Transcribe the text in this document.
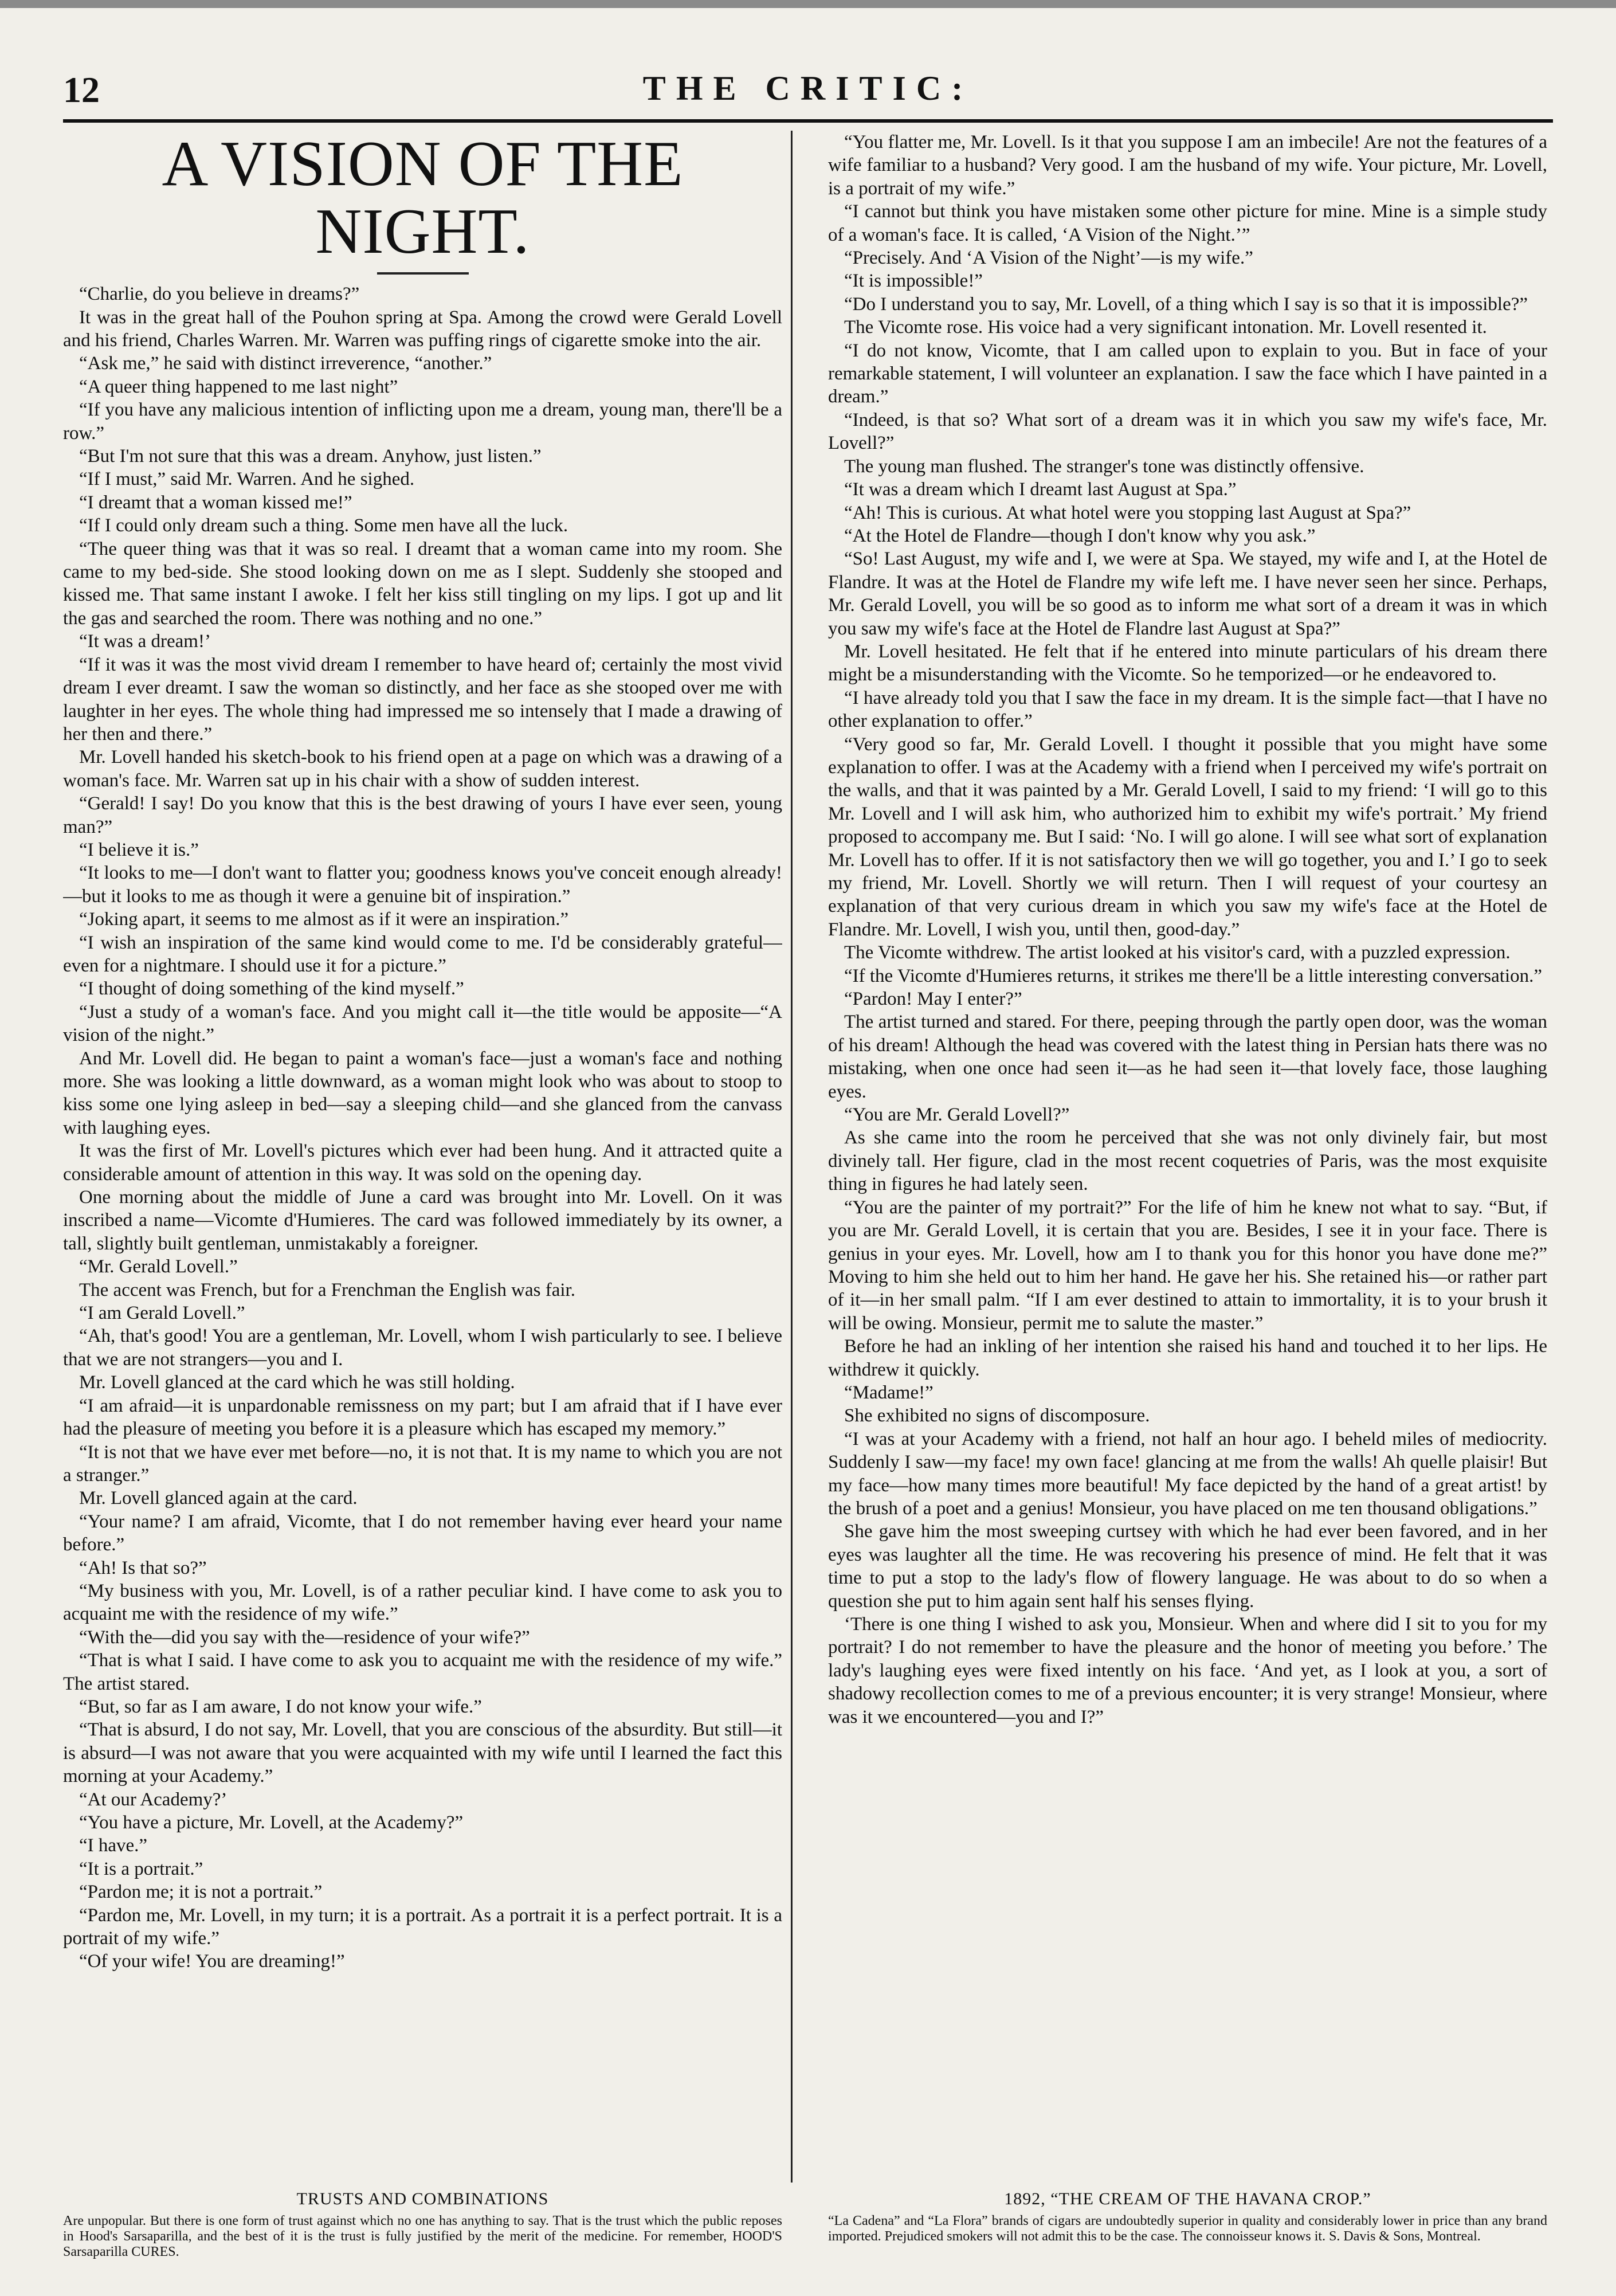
12	THE CRITIC:
A VISION OF THE NIGHT.

“Charlie, do you believe in dreams?”

It was in the great hall of the Pouhon spring at Spa. Among the crowd were Gerald Lovell and his friend, Charles Warren. Mr. Warren was puffing rings of cigarette smoke into the air.

“Ask me,” he said with distinct irreverence, “another.”

“A queer thing happened to me last night”

“If you have any malicious intention of inflicting upon me a dream, young man, there'll be a row.”

“But I'm not sure that this was a dream. Anyhow, just listen.”

“If I must,” said Mr. Warren. And he sighed.

“I dreamt that a woman kissed me!”

“If I could only dream such a thing. Some men have all the luck.

“The queer thing was that it was so real. I dreamt that a woman came into my room. She came to my bed-side. She stood looking down on me as I slept. Suddenly she stooped and kissed me. That same instant I awoke. I felt her kiss still tingling on my lips. I got up and lit the gas and searched the room. There was nothing and no one.”

“It was a dream!’

“If it was it was the most vivid dream I remember to have heard of; certainly the most vivid dream I ever dreamt. I saw the woman so distinctly, and her face as she stooped over me with laughter in her eyes. The whole thing had impressed me so intensely that I made a drawing of her then and there.”

Mr. Lovell handed his sketch-book to his friend open at a page on which was a drawing of a woman's face. Mr. Warren sat up in his chair with a show of sudden interest.

“Gerald! I say! Do you know that this is the best drawing of yours I have ever seen, young man?”

“I believe it is.”

“It looks to me—I don't want to flatter you; goodness knows you've conceit enough already!—but it looks to me as though it were a genuine bit of inspiration.”

“Joking apart, it seems to me almost as if it were an inspiration.”

“I wish an inspiration of the same kind would come to me. I'd be considerably grateful—even for a nightmare. I should use it for a picture.”

“I thought of doing something of the kind myself.”

“Just a study of a woman's face. And you might call it—the title would be apposite—“A vision of the night.”

And Mr. Lovell did. He began to paint a woman's face—just a woman's face and nothing more. She was looking a little downward, as a woman might look who was about to stoop to kiss some one lying asleep in bed—say a sleeping child—and she glanced from the canvass with laughing eyes.

It was the first of Mr. Lovell's pictures which ever had been hung. And it attracted quite a considerable amount of attention in this way. It was sold on the opening day.

One morning about the middle of June a card was brought into Mr. Lovell. On it was inscribed a name—Vicomte d'Humieres. The card was followed immediately by its owner, a tall, slightly built gentleman, unmistakably a foreigner.

“Mr. Gerald Lovell.”

The accent was French, but for a Frenchman the English was fair.

“I am Gerald Lovell.”

“Ah, that's good! You are a gentleman, Mr. Lovell, whom I wish particularly to see. I believe that we are not strangers—you and I.

Mr. Lovell glanced at the card which he was still holding.

“I am afraid—it is unpardonable remissness on my part; but I am afraid that if I have ever had the pleasure of meeting you before it is a pleasure which has escaped my memory.”

“It is not that we have ever met before—no, it is not that. It is my name to which you are not a stranger.”

Mr. Lovell glanced again at the card.

“Your name? I am afraid, Vicomte, that I do not remember having ever heard your name before.”

“Ah! Is that so?”

“My business with you, Mr. Lovell, is of a rather peculiar kind. I have come to ask you to acquaint me with the residence of my wife.”

“With the—did you say with the—residence of your wife?”

“That is what I said. I have come to ask you to acquaint me with the residence of my wife.” The artist stared.

“But, so far as I am aware, I do not know your wife.”

“That is absurd, I do not say, Mr. Lovell, that you are conscious of the absurdity. But still—it is absurd—I was not aware that you were acquainted with my wife until I learned the fact this morning at your Academy.”

“At our Academy?’

“You have a picture, Mr. Lovell, at the Academy?”

“I have.”

“It is a portrait.”

“Pardon me; it is not a portrait.”

“Pardon me, Mr. Lovell, in my turn; it is a portrait. As a portrait it is a perfect portrait. It is a portrait of my wife.”

“Of your wife! You are dreaming!”

“You flatter me, Mr. Lovell. Is it that you suppose I am an imbecile! Are not the features of a wife familiar to a husband? Very good. I am the husband of my wife. Your picture, Mr. Lovell, is a portrait of my wife.”

“I cannot but think you have mistaken some other picture for mine. Mine is a simple study of a woman's face. It is called, ‘A Vision of the Night.’”

“Precisely. And ‘A Vision of the Night’—is my wife.”

“It is impossible!”

“Do I understand you to say, Mr. Lovell, of a thing which I say is so that it is impossible?”

The Vicomte rose. His voice had a very significant intonation. Mr. Lovell resented it.

“I do not know, Vicomte, that I am called upon to explain to you. But in face of your remarkable statement, I will volunteer an explanation. I saw the face which I have painted in a dream.”

“Indeed, is that so? What sort of a dream was it in which you saw my wife's face, Mr. Lovell?”

The young man flushed. The stranger's tone was distinctly offensive.

“It was a dream which I dreamt last August at Spa.”

“Ah! This is curious. At what hotel were you stopping last August at Spa?”

“At the Hotel de Flandre—though I don't know why you ask.”

“So! Last August, my wife and I, we were at Spa. We stayed, my wife and I, at the Hotel de Flandre. It was at the Hotel de Flandre my wife left me. I have never seen her since. Perhaps, Mr. Gerald Lovell, you will be so good as to inform me what sort of a dream it was in which you saw my wife's face at the Hotel de Flandre last August at Spa?”

Mr. Lovell hesitated. He felt that if he entered into minute particulars of his dream there might be a misunderstanding with the Vicomte. So he temporized—or he endeavored to.

“I have already told you that I saw the face in my dream. It is the simple fact—that I have no other explanation to offer.”

“Very good so far, Mr. Gerald Lovell. I thought it possible that you might have some explanation to offer. I was at the Academy with a friend when I perceived my wife's portrait on the walls, and that it was painted by a Mr. Gerald Lovell, I said to my friend: ‘I will go to this Mr. Lovell and I will ask him, who authorized him to exhibit my wife's portrait.’ My friend proposed to accompany me. But I said: ‘No. I will go alone. I will see what sort of explanation Mr. Lovell has to offer. If it is not satisfactory then we will go together, you and I.’ I go to seek my friend, Mr. Lovell. Shortly we will return. Then I will request of your courtesy an explanation of that very curious dream in which you saw my wife's face at the Hotel de Flandre. Mr. Lovell, I wish you, until then, good-day.”

The Vicomte withdrew. The artist looked at his visitor's card, with a puzzled expression.

“If the Vicomte d'Humieres returns, it strikes me there'll be a little interesting conversation.”

“Pardon! May I enter?”

The artist turned and stared. For there, peeping through the partly open door, was the woman of his dream! Although the head was covered with the latest thing in Persian hats there was no mistaking, when one once had seen it—as he had seen it—that lovely face, those laughing eyes.

“You are Mr. Gerald Lovell?”

As she came into the room he perceived that she was not only divinely fair, but most divinely tall. Her figure, clad in the most recent coquetries of Paris, was the most exquisite thing in figures he had lately seen.

“You are the painter of my portrait?” For the life of him he knew not what to say. “But, if you are Mr. Gerald Lovell, it is certain that you are. Besides, I see it in your face. There is genius in your eyes. Mr. Lovell, how am I to thank you for this honor you have done me?” Moving to him she held out to him her hand. He gave her his. She retained his—or rather part of it—in her small palm. “If I am ever destined to attain to immortality, it is to your brush it will be owing. Monsieur, permit me to salute the master.”

Before he had an inkling of her intention she raised his hand and touched it to her lips. He withdrew it quickly.

“Madame!”

She exhibited no signs of discomposure.

“I was at your Academy with a friend, not half an hour ago. I beheld miles of mediocrity. Suddenly I saw—my face! my own face! glancing at me from the walls! Ah quelle plaisir! But my face—how many times more beautiful! My face depicted by the hand of a great artist! by the brush of a poet and a genius! Monsieur, you have placed on me ten thousand obligations.”

She gave him the most sweeping curtsey with which he had ever been favored, and in her eyes was laughter all the time. He was recovering his presence of mind. He felt that it was time to put a stop to the lady's flow of flowery language. He was about to do so when a question she put to him again sent half his senses flying.

‘There is one thing I wished to ask you, Monsieur. When and where did I sit to you for my portrait? I do not remember to have the pleasure and the honor of meeting you before.’ The lady's laughing eyes were fixed intently on his face. ‘And yet, as I look at you, a sort of shadowy recollection comes to me of a previous encounter; it is very strange! Monsieur, where was it we encountered—you and I?”

TRUSTS AND COMBINATIONS
Are unpopular. But there is one form of trust against which no one has anything to say. That is the trust which the public reposes in Hood's Sarsaparilla, and the best of it is the trust is fully justified by the merit of the medicine. For remember, HOOD'S Sarsaparilla CURES.
1892, “THE CREAM OF THE HAVANA CROP.”
“La Cadena” and “La Flora” brands of cigars are undoubtedly superior in quality and considerably lower in price than any brand imported. Prejudiced smokers will not admit this to be the case. The connoisseur knows it. S. Davis & Sons, Montreal.
